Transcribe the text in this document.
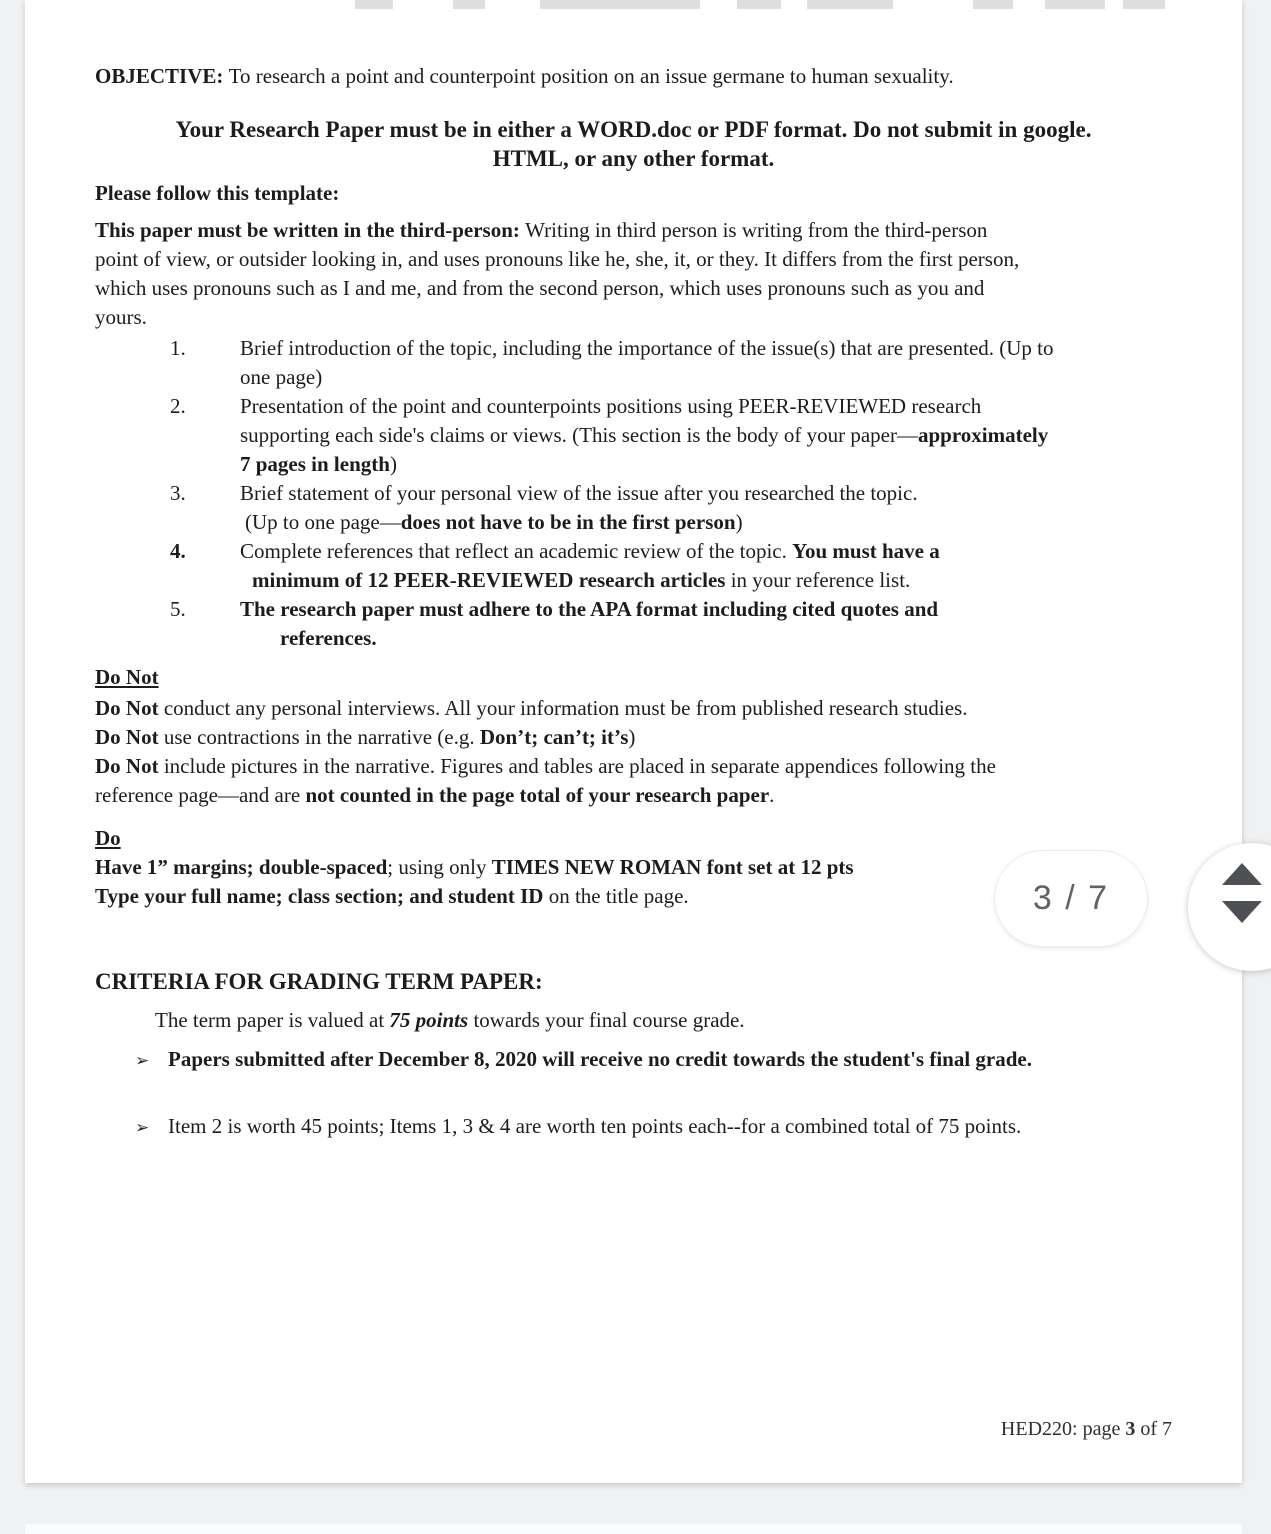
OBJECTIVE: To research a point and counterpoint position on an issue germane to human sexuality.
Your Research Paper must be in either a WORD.doc or PDF format. Do not submit in google.
HTML, or any other format.
Please follow this template:
This paper must be written in the third-person: Writing in third person is writing from the third-person
point of view, or outsider looking in, and uses pronouns like he, she, it, or they. It differs from the first person,
which uses pronouns such as I and me, and from the second person, which uses pronouns such as you and
yours.
1.	Brief introduction of the topic, including the importance of the issue(s) that are presented. (Up to
one page)
2.	Presentation of the point and counterpoints positions using PEER-REVIEWED research
supporting each side's claims or views. (This section is the body of your paper—approximately
7 pages in length)
3.	Brief statement of your personal view of the issue after you researched the topic.
(Up to one page—does not have to be in the first person)
4.	Complete references that reflect an academic review of the topic. You must have a
minimum of 12 PEER-REVIEWED research articles in your reference list.
5.	The research paper must adhere to the APA format including cited quotes and
references.
Do Not
Do Not conduct any personal interviews. All your information must be from published research studies.
Do Not use contractions in the narrative (e.g. Don’t; can’t; it’s)
Do Not include pictures in the narrative. Figures and tables are placed in separate appendices following the
reference page—and are not counted in the page total of your research paper.
Do
Have 1” margins; double-spaced; using only TIMES NEW ROMAN font set at 12 pts
Type your full name; class section; and student ID on the title page.
CRITERIA FOR GRADING TERM PAPER:
The term paper is valued at 75 points towards your final course grade.
➢ Papers submitted after December 8, 2020 will receive no credit towards the student's final grade.
➢ Item 2 is worth 45 points; Items 1, 3 & 4 are worth ten points each--for a combined total of 75 points.
HED220: page 3 of 7
3 / 7
